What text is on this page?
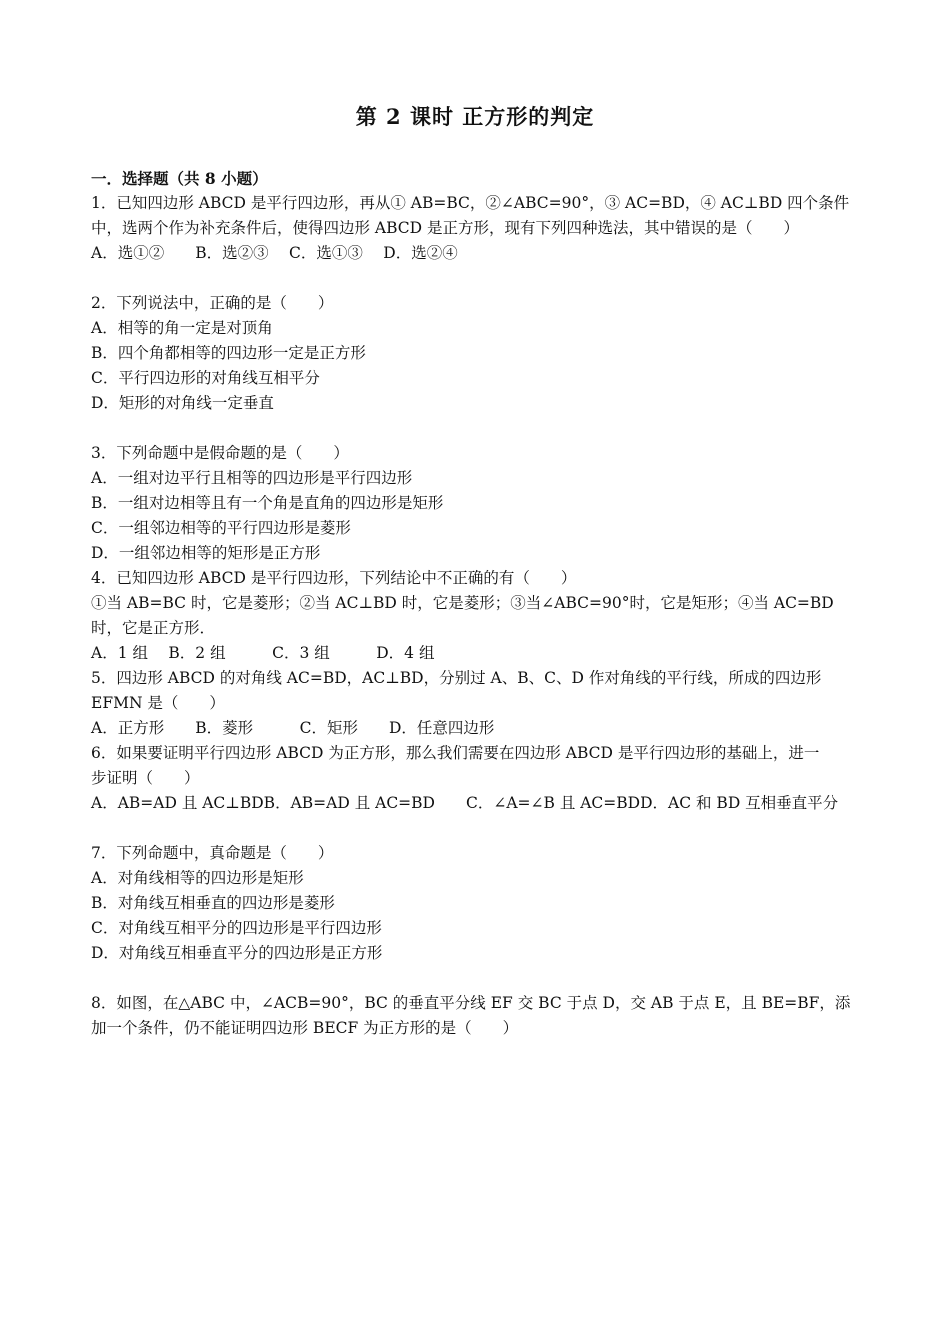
第 2 课时 正方形的判定
一．选择题（共 8 小题）
1．已知四边形 ABCD 是平行四边形，再从① AB=BC，②∠ABC=90°，③ AC=BD，④ AC⊥BD 四个条件
中，选两个作为补充条件后，使得四边形 ABCD 是正方形，现有下列四种选法，其中错误的是（　　）
A．选①②　　B．选②③　 C．选①③　 D．选②④
2．下列说法中，正确的是（　　）
A．相等的角一定是对顶角
B．四个角都相等的四边形一定是正方形
C．平行四边形的对角线互相平分
D．矩形的对角线一定垂直
3．下列命题中是假命题的是（　　）
A．一组对边平行且相等的四边形是平行四边形
B．一组对边相等且有一个角是直角的四边形是矩形
C．一组邻边相等的平行四边形是菱形
D．一组邻边相等的矩形是正方形
4．已知四边形 ABCD 是平行四边形，下列结论中不正确的有（　　）
①当 AB=BC 时，它是菱形；②当 AC⊥BD 时，它是菱形；③当∠ABC=90°时，它是矩形；④当 AC=BD
时，它是正方形．
A．1 组　 B．2 组　　　C．3 组　　　D．4 组
5．四边形 ABCD 的对角线 AC=BD，AC⊥BD，分别过 A、B、C、D 作对角线的平行线，所成的四边形
EFMN 是（　　）
A．正方形　　B．菱形　　　C．矩形　　D．任意四边形
6．如果要证明平行四边形 ABCD 为正方形，那么我们需要在四边形 ABCD 是平行四边形的基础上，进一
步证明（　　）
A．AB=AD 且 AC⊥BDB．AB=AD 且 AC=BD　　C．∠A=∠B 且 AC=BDD．AC 和 BD 互相垂直平分
7．下列命题中，真命题是（　　）
A．对角线相等的四边形是矩形
B．对角线互相垂直的四边形是菱形
C．对角线互相平分的四边形是平行四边形
D．对角线互相垂直平分的四边形是正方形
8．如图，在△ABC 中，∠ACB=90°，BC 的垂直平分线 EF 交 BC 于点 D，交 AB 于点 E，且 BE=BF，添
加一个条件，仍不能证明四边形 BECF 为正方形的是（　　）
